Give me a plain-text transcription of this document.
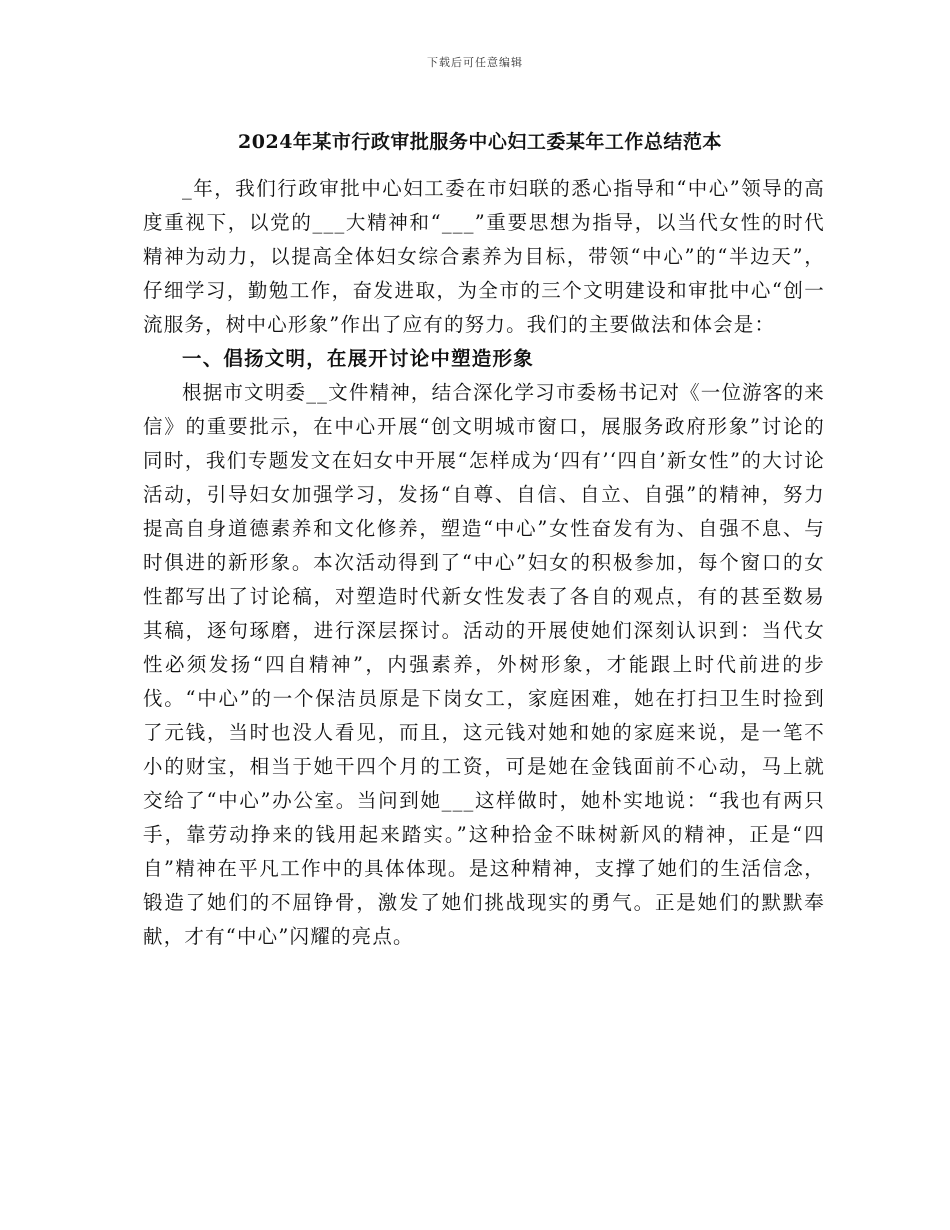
下载后可任意编辑
2024年某市行政审批服务中心妇工委某年工作总结范本

_年，我们行政审批中心妇工委在市妇联的悉心指导和“中心”领导的高度重视下，以党的___大精神和“___”重要思想为指导，以当代女性的时代精神为动力，以提高全体妇女综合素养为目标，带领“中心”的“半边天”，仔细学习，勤勉工作，奋发进取，为全市的三个文明建设和审批中心“创一流服务，树中心形象”作出了应有的努力。我们的主要做法和体会是：

一、倡扬文明，在展开讨论中塑造形象

根据市文明委__文件精神，结合深化学习市委杨书记对《一位游客的来信》的重要批示，在中心开展“创文明城市窗口，展服务政府形象”讨论的同时，我们专题发文在妇女中开展“怎样成为‘四有’‘四自’新女性”的大讨论活动，引导妇女加强学习，发扬“自尊、自信、自立、自强”的精神，努力提高自身道德素养和文化修养，塑造“中心”女性奋发有为、自强不息、与时俱进的新形象。本次活动得到了“中心”妇女的积极参加，每个窗口的女性都写出了讨论稿，对塑造时代新女性发表了各自的观点，有的甚至数易其稿，逐句琢磨，进行深层探讨。活动的开展使她们深刻认识到：当代女性必须发扬“四自精神”，内强素养，外树形象，才能跟上时代前进的步伐。“中心”的一个保洁员原是下岗女工，家庭困难，她在打扫卫生时捡到了元钱，当时也没人看见，而且，这元钱对她和她的家庭来说，是一笔不小的财宝，相当于她干四个月的工资，可是她在金钱面前不心动，马上就交给了“中心”办公室。当问到她___这样做时，她朴实地说：“我也有两只手，靠劳动挣来的钱用起来踏实。”这种拾金不昧树新风的精神，正是“四自”精神在平凡工作中的具体体现。是这种精神，支撑了她们的生活信念，锻造了她们的不屈铮骨，激发了她们挑战现实的勇气。正是她们的默默奉献，才有“中心”闪耀的亮点。
